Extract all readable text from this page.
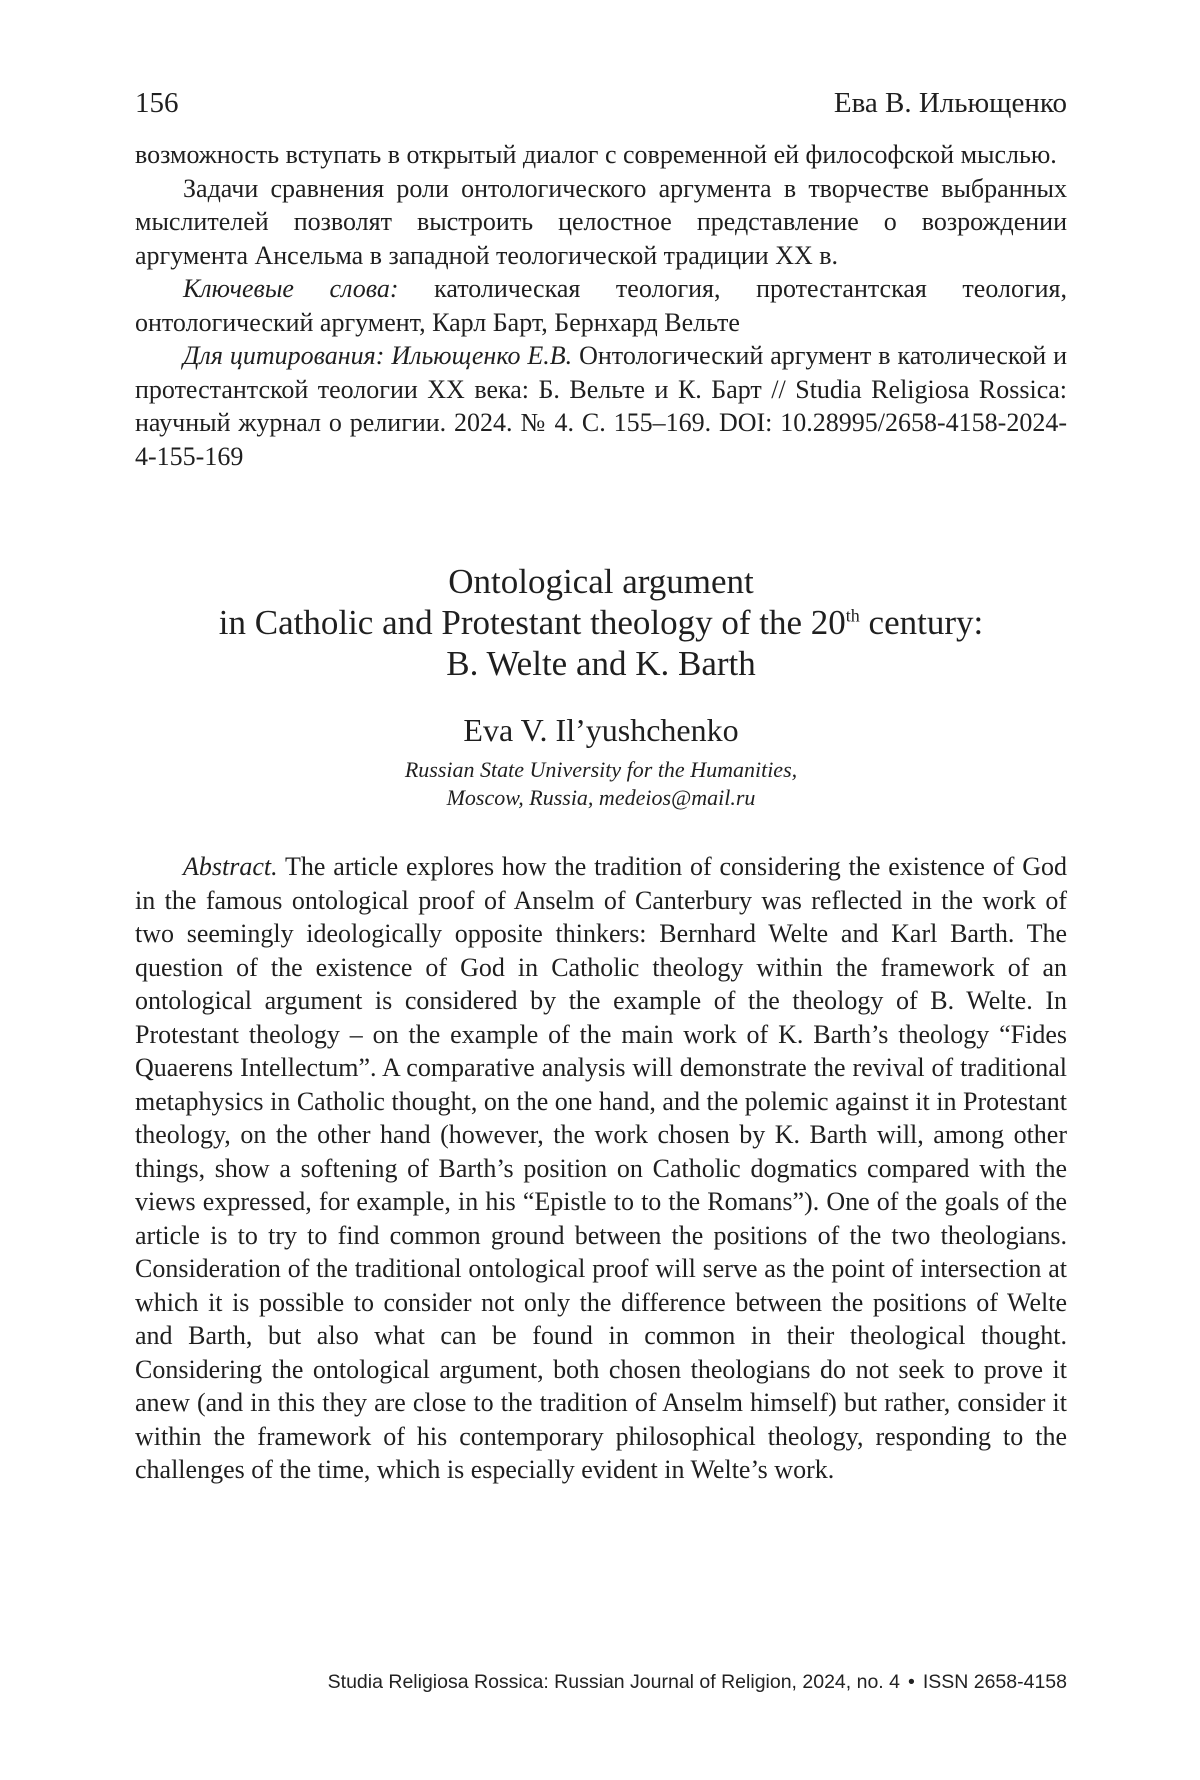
156	Ева В. Ильющенко

возможность вступать в открытый диалог с современной ей философской мыслью.

Задачи сравнения роли онтологического аргумента в творчестве выбранных мыслителей позволят выстроить целостное представление о возрождении аргумента Ансельма в западной теологической традиции XX в.

Ключевые слова: католическая теология, протестантская теология, онтологический аргумент, Карл Барт, Бернхард Вельте

Для цитирования: Ильющенко Е.В. Онтологический аргумент в католической и протестантской теологии XX века: Б. Вельте и К. Барт // Studia Religiosa Rossica: научный журнал о религии. 2024. № 4. С. 155–169. DOI: 10.28995/2658-4158-2024-4-155-169

Ontological argument
in Catholic and Protestant theology of the 20th century:
B. Welte and K. Barth
Eva V. Il’yushchenko
Russian State University for the Humanities,
Moscow, Russia, medeios@mail.ru

Abstract. The article explores how the tradition of considering the existence of God in the famous ontological proof of Anselm of Canterbury was reflected in the work of two seemingly ideologically opposite thinkers: Bernhard Welte and Karl Barth. The question of the existence of God in Catholic theology within the framework of an ontological argument is considered by the example of the theology of B. Welte. In Protestant theology – on the example of the main work of K. Barth’s theology “Fides Quaerens Intellectum”. A comparative analysis will demonstrate the revival of traditional metaphysics in Catholic thought, on the one hand, and the polemic against it in Protestant theology, on the other hand (however, the work chosen by K. Barth will, among other things, show a softening of Barth’s position on Catholic dogmatics compared with the views expressed, for example, in his “Epistle to to the Romans”). One of the goals of the article is to try to find common ground between the positions of the two theologians. Consideration of the traditional ontological proof will serve as the point of intersection at which it is possible to consider not only the difference between the positions of Welte and Barth, but also what can be found in common in their theological thought. Considering the ontological argument, both chosen theologians do not seek to prove it anew (and in this they are close to the tradition of Anselm himself) but rather, consider it within the framework of his contemporary philosophical theology, responding to the challenges of the time, which is especially evident in Welte’s work.

Studia Religiosa Rossica: Russian Journal of Religion, 2024, no. 4 • ISSN 2658-4158
